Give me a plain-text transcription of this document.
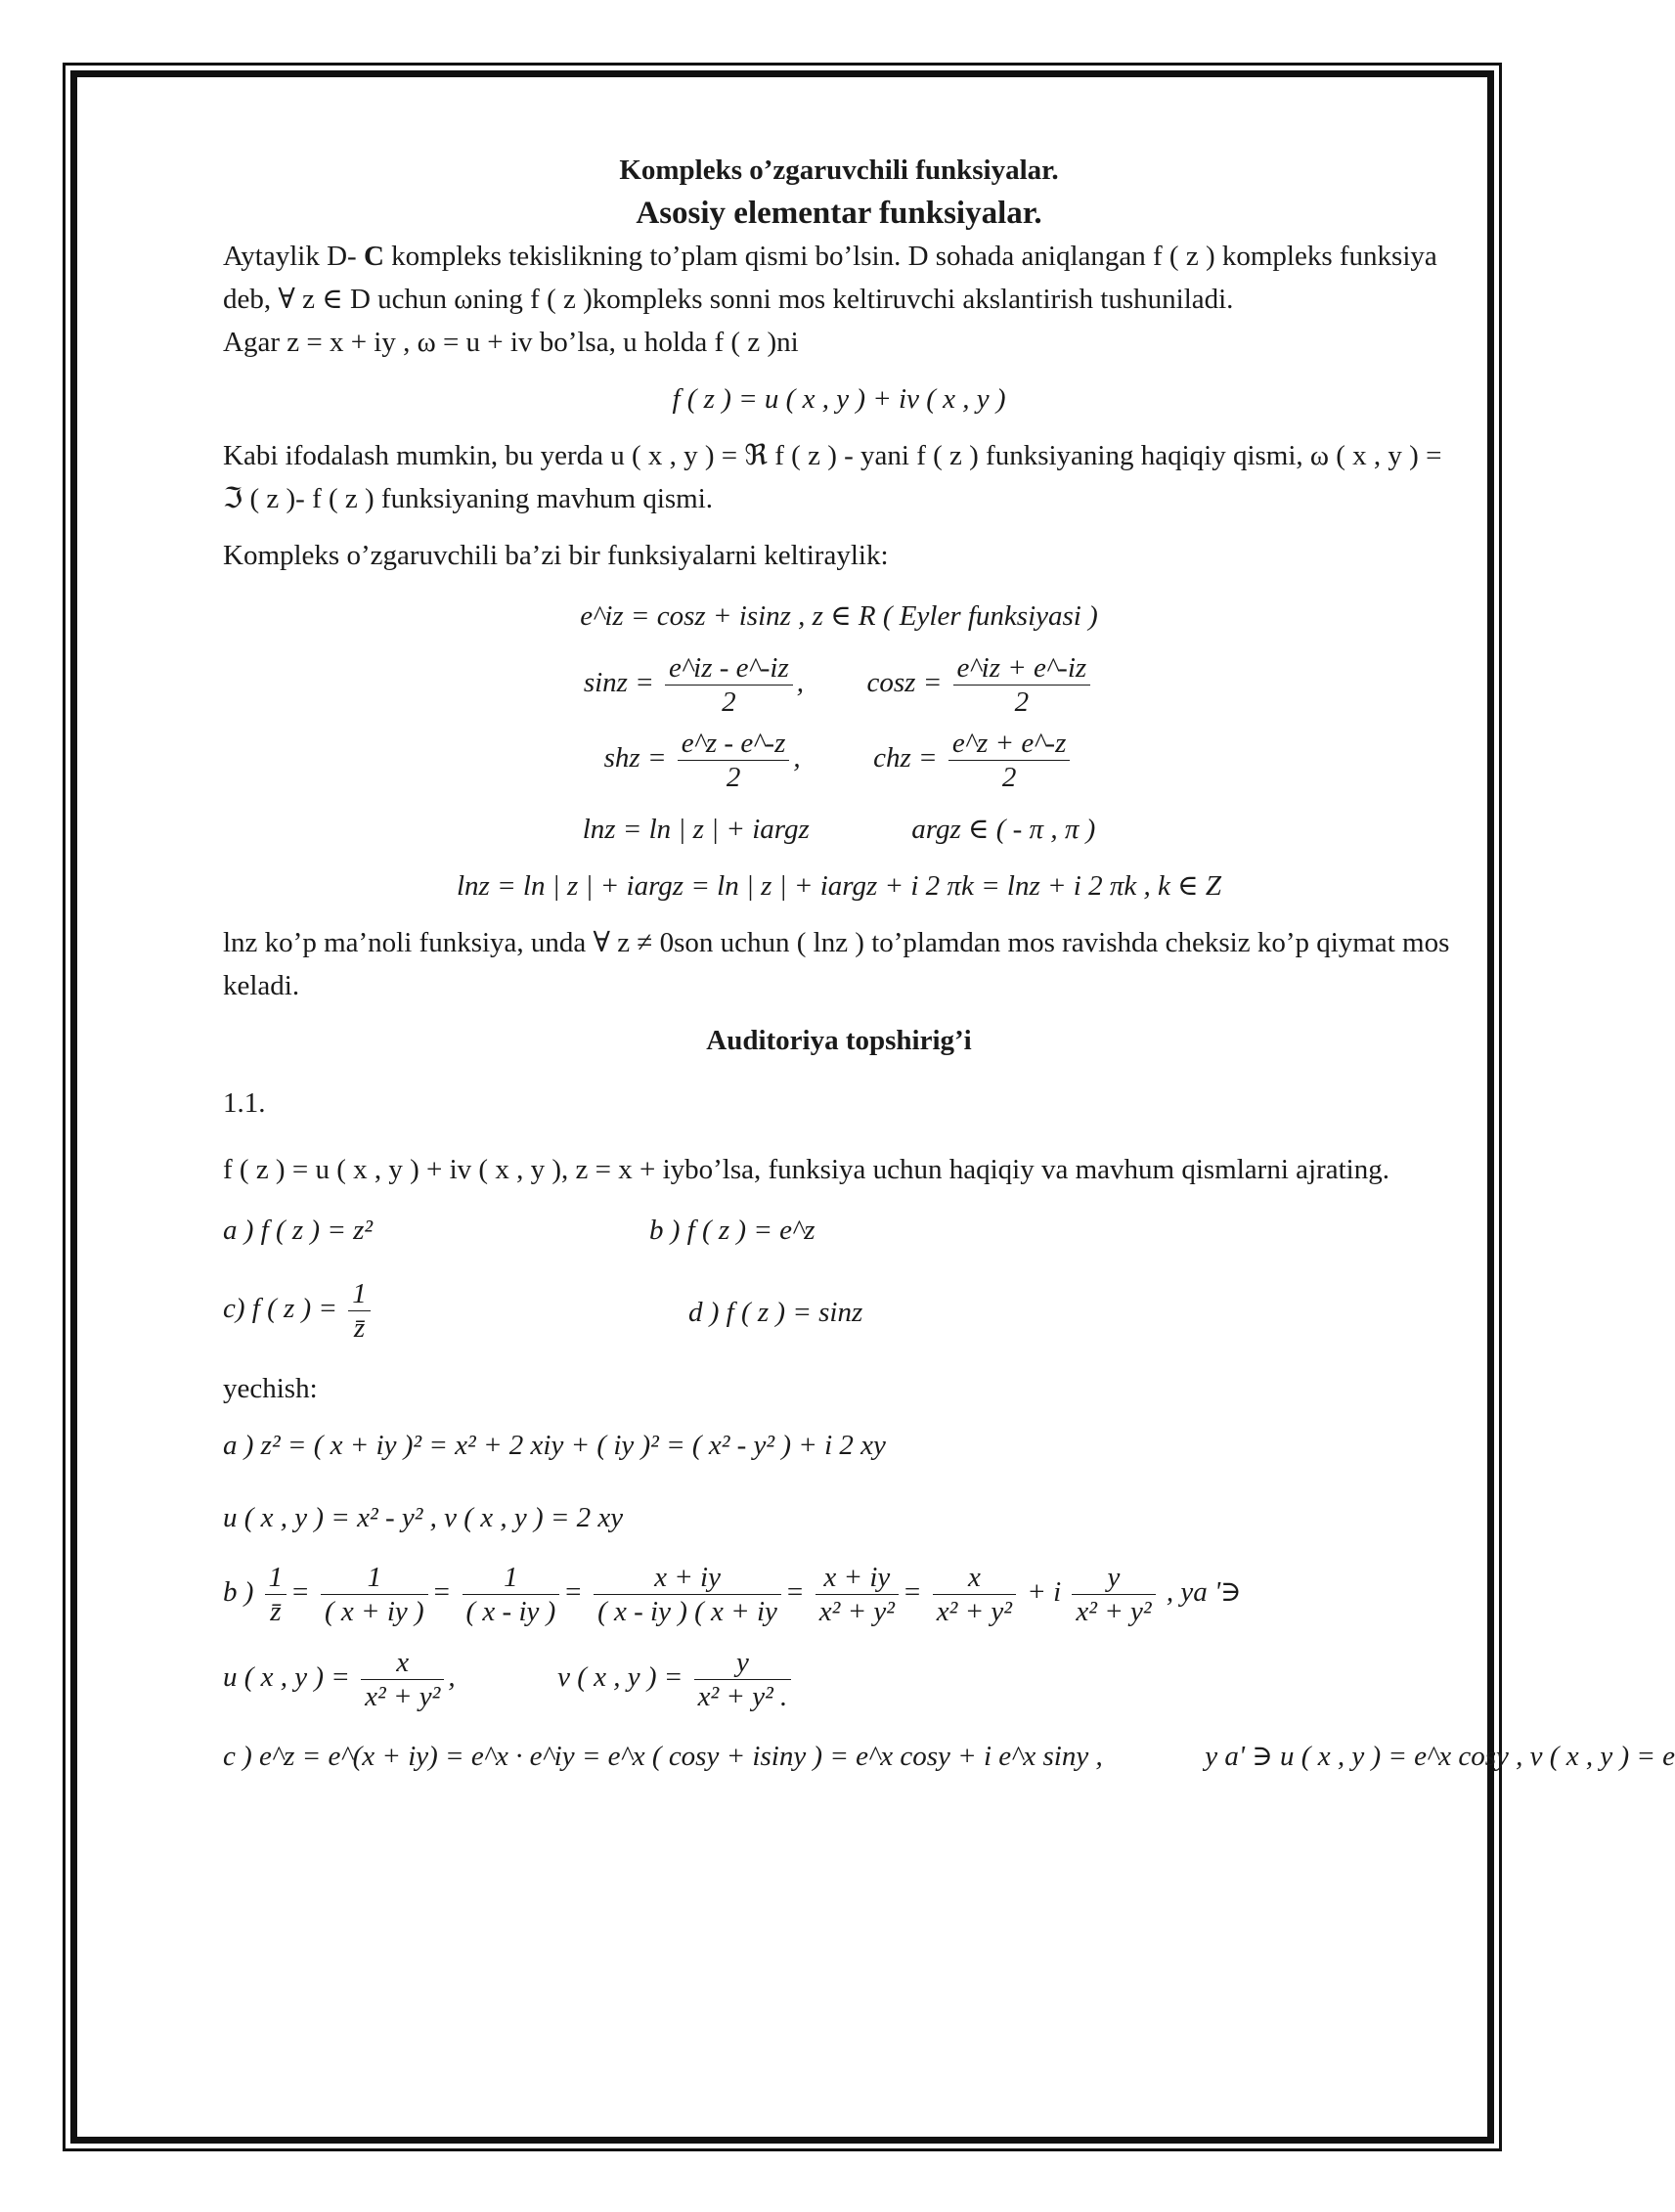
Kompleks o’zgaruvchili funksiyalar.

Asosiy elementar funksiyalar.

Aytaylik D- C kompleks tekislikning to’plam qismi bo’lsin. D sohada aniqlangan f ( z ) kompleks funksiya deb, ∀ z ∈ D uchun ωning f ( z )kompleks sonni mos keltiruvchi akslantirish tushuniladi.

Agar z = x + iy , ω = u + iv bo’lsa, u holda f ( z )ni

f ( z ) = u ( x , y ) + iv ( x , y )

Kabi ifodalash mumkin, bu yerda u ( x , y ) = ℜ f ( z ) - yani f ( z ) funksiyaning haqiqiy qismi, ω ( x , y ) = ℑ ( z )- f ( z ) funksiyaning mavhum qismi.

Kompleks o’zgaruvchili ba’zi bir funksiyalarni keltiraylik:

e^iz = cosz + isinz , z ∈ R ( Eyler funksiyasi )

$\sin z = \frac{e\^{}iz - e\^{}-iz}{2}$ ,  $\cos z = \frac{e\^{}iz + e\^{}-iz}{2}$
shz = $\frac{e\^{}z - e\^{}-z}{2}$ ,  chz = $\frac{e\^{}z + e\^{}-z}{2}$
lnz = ln | z | + iargz	argz ∈ ( - π , π )

lnz = ln | z | + iargz = ln | z | + iargz + i 2 πk = lnz + i 2 πk , k ∈ Z

lnz ko’p ma’noli funksiya, unda ∀ z ≠ 0son uchun ( lnz ) to’plamdan mos ravishda cheksiz ko’p qiymat mos keladi.

Auditoriya topshirig’i

1.1.

f ( z ) = u ( x , y ) + iv ( x , y ), z = x + iybo’lsa, funksiya uchun haqiqiy va mavhum qismlarni ajrating.

a ) f ( z ) = z²	b ) f ( z ) = e^z
c) f ( z ) = $\frac{1}{z̄}$	d ) f ( z ) = sinz

yechish:

a ) z² = ( x + iy )² = x² + 2 xiy + ( iy )² = ( x² - y² ) + i 2 xy

u ( x , y ) = x² - y² , v ( x , y ) = 2 xy

b ) $\frac{1}{z̄} = \frac{1}{( x + iy )} = \frac{1}{( x - iy )} = \frac{x + iy}{( x - iy ) ( x + iy} = \frac{x + iy}{\text{x² + y²}} = \frac{x}{\text{x² + y²}} + i \frac{y}{\text{x² + y²}}$ , ya '∋
u ( x , y ) = $\frac{x}{\text{x² + y²}}$ ,	v ( x , y ) = $\frac{y}{\text{x² + y² .}}$
c ) e^z = e^(x + iy) = e^x · e^iy = e^x ( cosy + isiny ) = e^x cosy + i e^x siny ,	y a' ∋ u ( x , y ) = e^x cosy , v ( x , y ) = e
